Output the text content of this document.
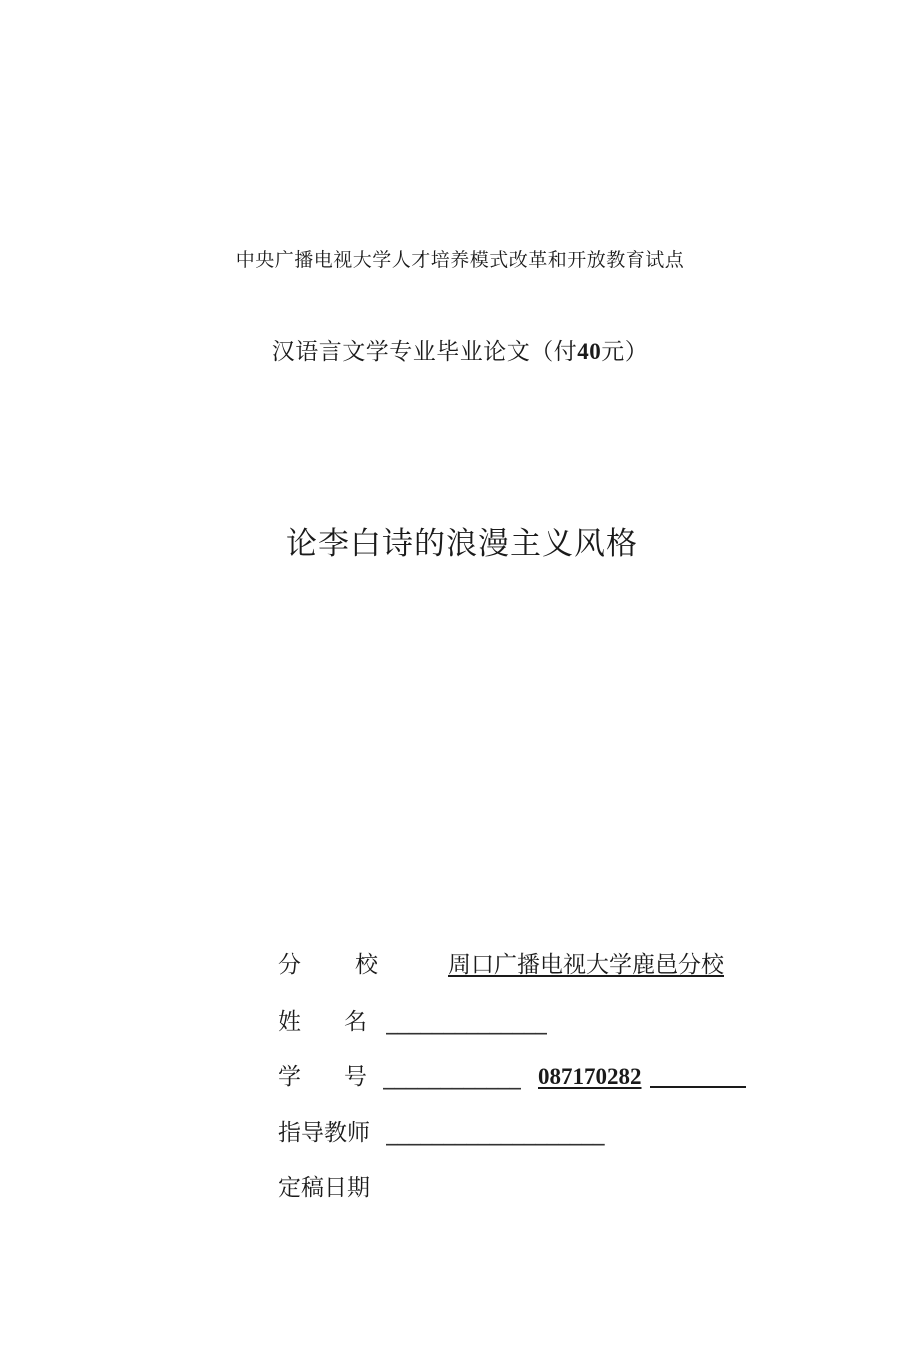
中央广播电视大学人才培养模式改革和开放教育试点
汉语言文学专业毕业论文（付40元）
论李白诗的浪漫主义风格
分 校	周口广播电视大学鹿邑分校
姓 名 ______________
学 号 ____________ 087170282
指导教师 ___________________
定稿日期
